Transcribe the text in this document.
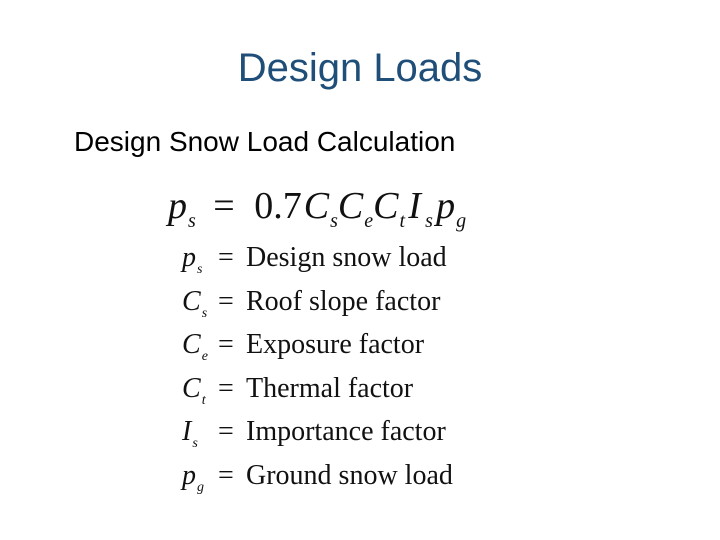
Design Loads
Design Snow Load Calculation
$p_s = 0.7C_sC_eC_t$ I  $_s$ $p_g$
$p_s$ = Design snow load
$C_s$ = Roof slope factor
$C_e$ = Exposure factor
$C_t$ = Thermal factor
$I_s$ = Importance factor
$p_g$ = Ground snow load
